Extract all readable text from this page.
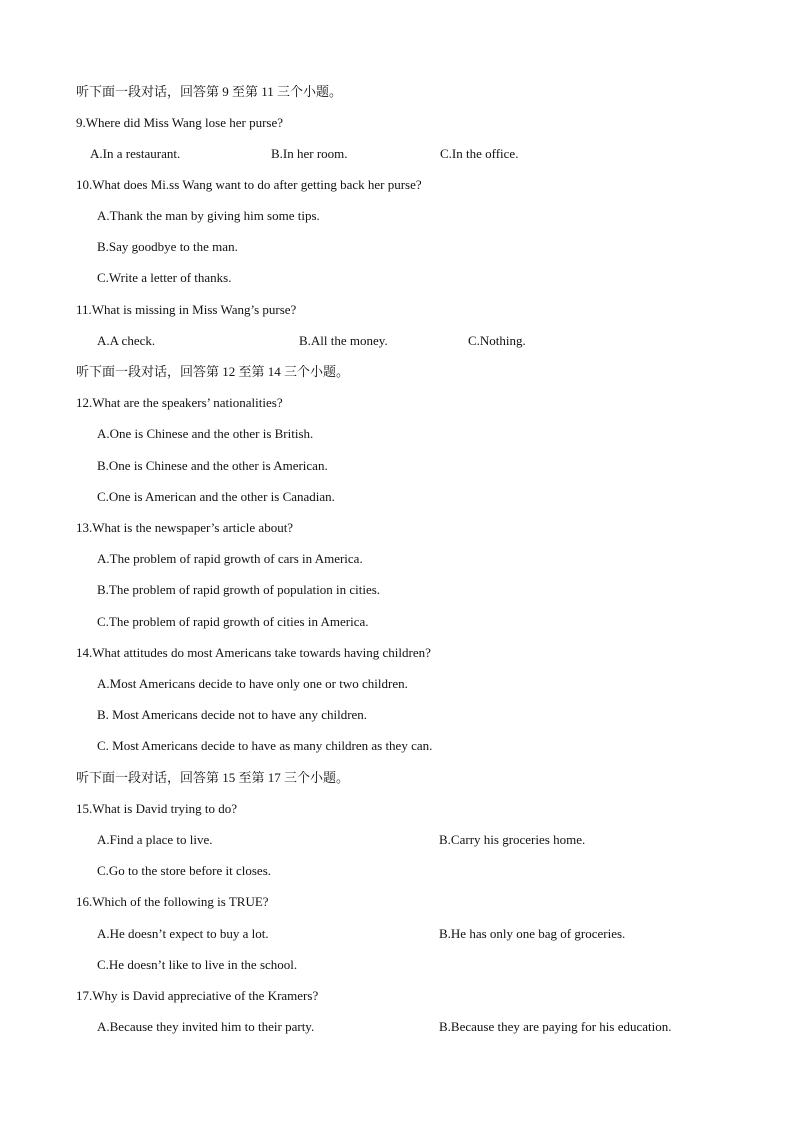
听下面一段对话，回答第 9 至第 11 三个小题。
9.Where did Miss Wang lose her purse?
A.In a restaurant.	B.In her room.	C.In the office.
10.What does Mi.ss Wang want to do after getting back her purse?
A.Thank the man by giving him some tips.
B.Say goodbye to the man.
C.Write a letter of thanks.
11.What is missing in Miss Wang’s purse?
A.A check.	B.All the money.	C.Nothing.
听下面一段对话，回答第 12 至第 14 三个小题。
12.What are the speakers’ nationalities?
A.One is Chinese and the other is British.
B.One is Chinese and the other is American.
C.One is American and the other is Canadian.
13.What is the newspaper’s article about?
A.The problem of rapid growth of cars in America.
B.The problem of rapid growth of population in cities.
C.The problem of rapid growth of cities in America.
14.What attitudes do most Americans take towards having children?
A.Most Americans decide to have only one or two children.
B. Most Americans decide not to have any children.
C. Most Americans decide to have as many children as they can.
听下面一段对话，回答第 15 至第 17 三个小题。
15.What is David trying to do?
A.Find a place to live.	B.Carry his groceries home.
C.Go to the store before it closes.
16.Which of the following is TRUE?
A.He doesn’t expect to buy a lot.	B.He has only one bag of groceries.
C.He doesn’t like to live in the school.
17.Why is David appreciative of the Kramers?
A.Because they invited him to their party.	B.Because they are paying for his education.
